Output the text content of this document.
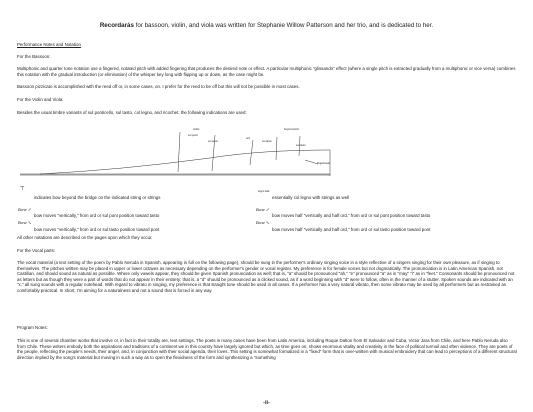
Recordarás for bassoon, violin, and viola was written for Stephanie Willow Patterson and her trio, and is dedicated to her.

Performance Notes and Notation

For the Bassoon:

Multiphonic and quarter tone notation use a fingered, notated pitch with added fingering that produces the desired note or effect. A particular multiphonic "glissando" effect (where a single pitch is extracted gradually from a multiphonic or vice versa) combines this notation with the gradual introduction (or elimination) of the whisper key long with flipping up or down, as the case might be.

Bassoon pizzicato is accomplished with the reed off or, in some cases, on. I prefer for the reed to be off but this will not be possible in most cases.

For the Violin and Viola:

Besides the usual timbre variants of sul ponticello, sul tasto, col legno, and ricochet, the following indications are used:

molto
sul ponti
sul ponti
ord
sul tasto
beyond point
sul tasto
fingerboard
⊤

indicates bow beyond the bridge on the indicated string or strings

Bow ⤢

bow moves "vertically," from ord or sul pont position toward tasto

Bow ⤡

bow moves "vertically," from ord or sul tasto position toward pont

legno batt

essentially col legno with strings as well

Bow ⤢

bow moves half "vertically and half ord," from ord or sul pont position toward tasto

Bow ⤡

bow moves half "vertically and half ord," from ord or sul tasto position toward pont

All other notations are described on the pages upon which they occur.

For the Vocal parts:

The vocal material (a text setting of the poem by Pablo Neruda in Spanish, appearing in full on the following page), should be sung in the performer's ordinary singing voice in a style reflective of a singers singing for their own pleasure, as if singing to themselves. The pitches written may be placed in upper or lower octaves as necessary depending on the performer's gender or vocal register. My preference is for female voices but not dogmatically. The pronunciation is in Latin American Spanish, not Castilian, and should sound as natural as possible. Where only vowels appear, they should be given Spanish pronunciation as well; that is, "a" should be pronounced "ah," "e" pronounced "a" as in "may" "i" as in "feet." Consonants should be pronounced not as letters but as though they were a part of words that do not appear in their entirety; that is, a "d" should be pronounced as a clicked sound, as if a word beginning with "d" were to follow, often in the manner of a stutter. Spoken sounds are indicated with an "x," all sung sounds with a regular notehead. With regard to vibrato in singing, my preference is that straight tone should be used in all cases. If a performer has a very natural vibrato, then some vibrato may be used by all performers but as restrained as comfortably practical. In short, I'm aiming for a naturalness and not a sound that is forced in any way.

Program Notes:

This is one of several chamber works that involve or, in fact in their totality are, text settings. The poets in many cases have been from Latin America, including Roque Dalton from El Salvador and Cuba, Victor Jara from Chile, and here Pablo Neruda also from Chile. These writers embody both the aspirations and traditions of a continent we in this country have largely ignored but which, as time goes on, shows enormous vitality and creativity in the face of political turmoil and often violence. They are poets of the people, reflecting the people's needs, their anger, and, in conjunction with their social agenda, their loves. This setting is somewhat formalized in a "fixed" form that is over-written with musical embroidery that can lead to perceptions of a different structural direction implied by the song's material but moving in such a way as to open the flexidness of the form and synthesizing a "something

-ii-
